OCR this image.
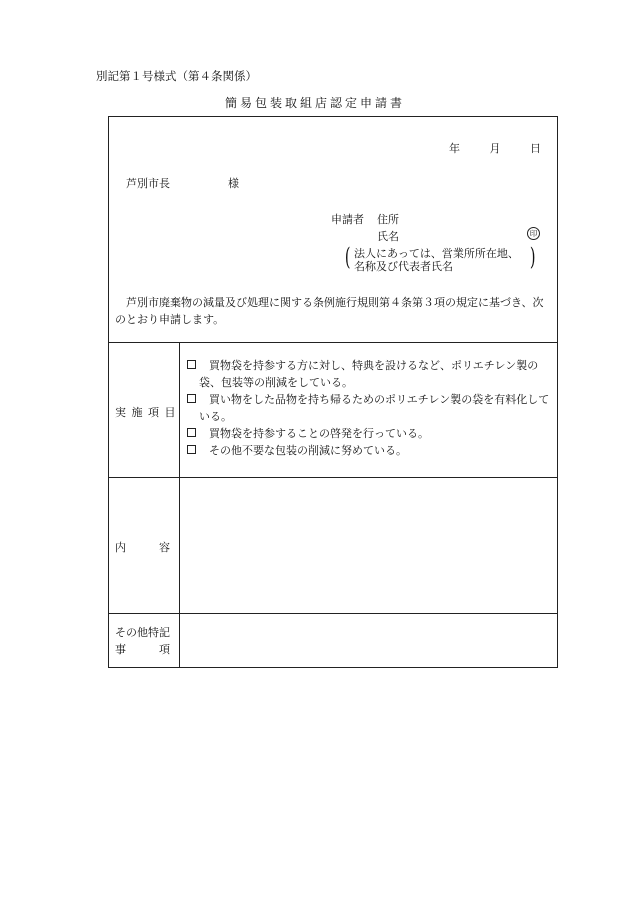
別記第１号様式（第４条関係）
簡易包装取組店認定申請書
年	月	日
芦別市長	様
申請者 住所
氏名	印
( 法人にあっては、営業所所在地、
名称及び代表者氏名	)
芦別市廃棄物の減量及び処理に関する条例施行規則第４条第３項の規定に基づき、次のとおり申請します。
実 施 項 目
買物袋を持参する方に対し、特典を設けるなど、ポリエチレン製の袋、包装等の削減をしている。
買い物をした品物を持ち帰るためのポリエチレン製の袋を有料化している。
買物袋を持参することの啓発を行っている。
その他不要な包装の削減に努めている。
内　　　容
その他特記
事　　　項
